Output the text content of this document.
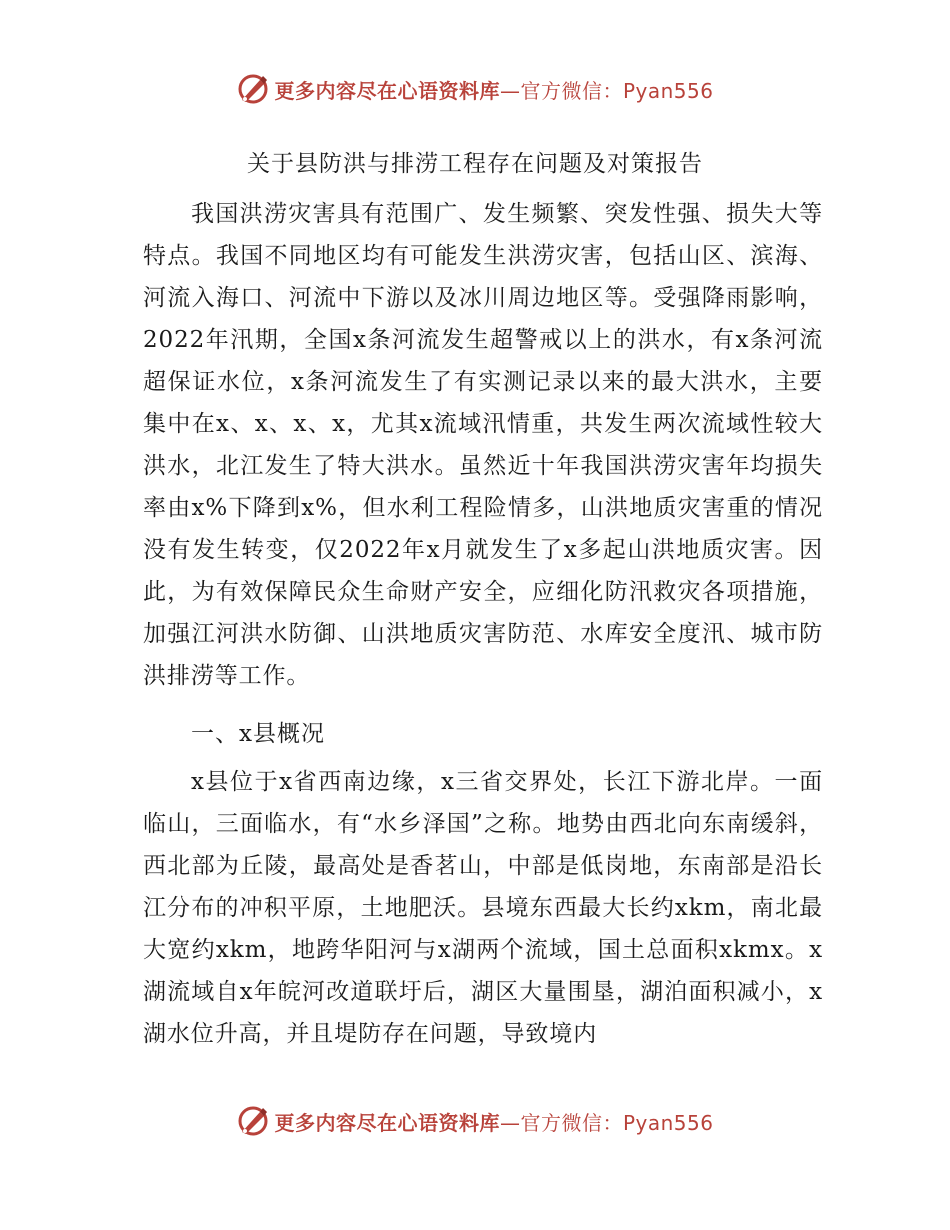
更多内容尽在心语资料库 —官方微信：Pyan556
关于县防洪与排涝工程存在问题及对策报告

我国洪涝灾害具有范围广、发生频繁、突发性强、损失大等特点。我国不同地区均有可能发生洪涝灾害，包括山区、滨海、河流入海口、河流中下游以及冰川周边地区等。受强降雨影响，2022年汛期，全国x条河流发生超警戒以上的洪水，有x条河流超保证水位，x条河流发生了有实测记录以来的最大洪水，主要集中在x、x、x、x，尤其x流域汛情重，共发生两次流域性较大洪水，北江发生了特大洪水。虽然近十年我国洪涝灾害年均损失率由x%下降到x%，但水利工程险情多，山洪地质灾害重的情况没有发生转变，仅2022年x月就发生了x多起山洪地质灾害。因此，为有效保障民众生命财产安全，应细化防汛救灾各项措施，加强江河洪水防御、山洪地质灾害防范、水库安全度汛、城市防洪排涝等工作。

一、x县概况

x县位于x省西南边缘，x三省交界处，长江下游北岸。一面临山，三面临水，有“水乡泽国”之称。地势由西北向东南缓斜，西北部为丘陵，最高处是香茗山，中部是低岗地，东南部是沿长江分布的冲积平原，土地肥沃。县境东西最大长约xkm，南北最大宽约xkm，地跨华阳河与x湖两个流域，国土总面积xkmx。x湖流域自x年皖河改道联圩后，湖区大量围垦，湖泊面积减小，x湖水位升高，并且堤防存在问题，导致境内

更多内容尽在心语资料库 —官方微信：Pyan556
